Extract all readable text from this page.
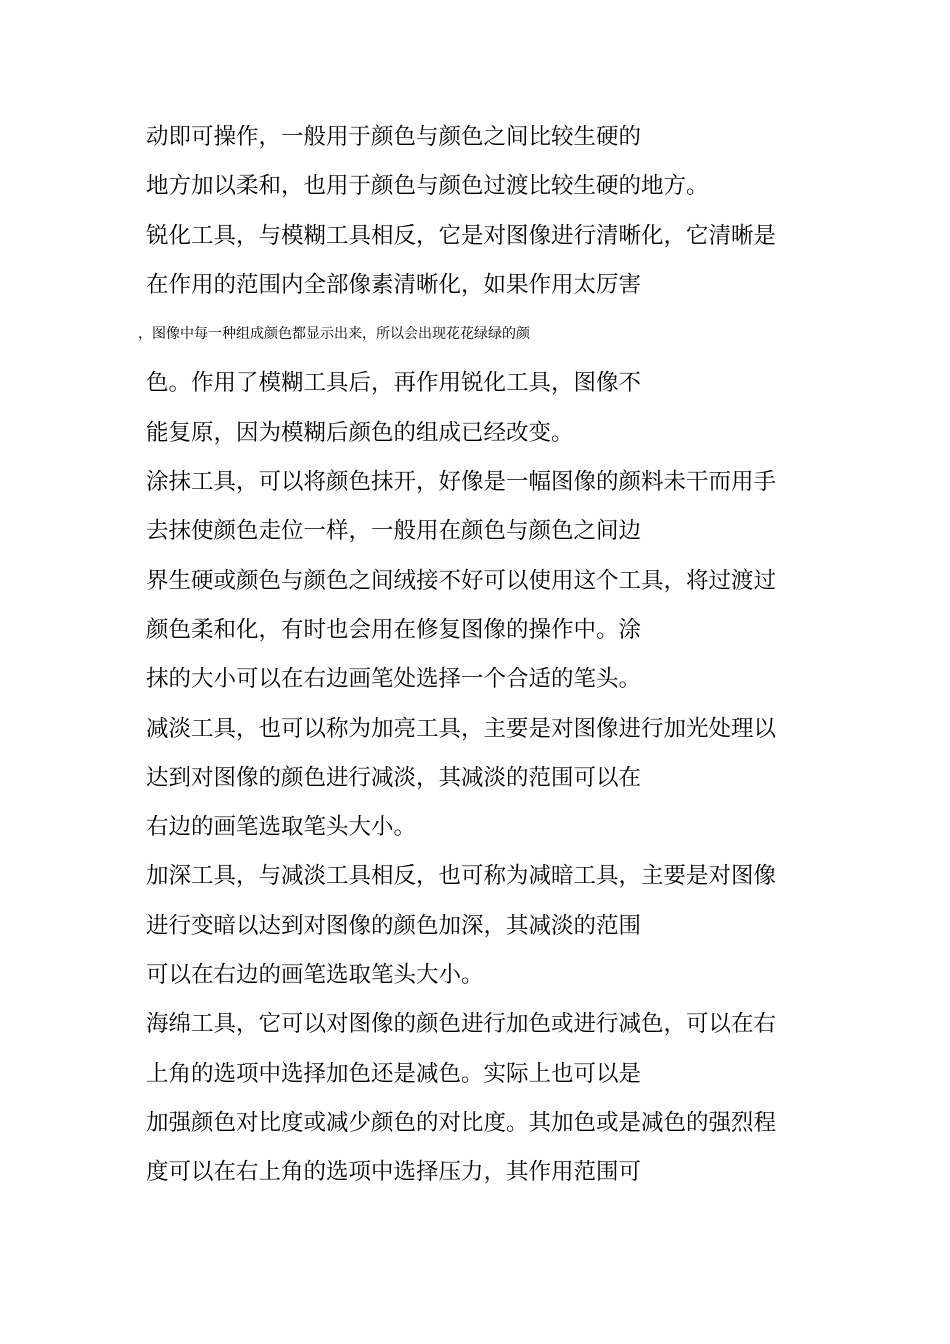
动即可操作，一般用于颜色与颜色之间比较生硬的

地方加以柔和，也用于颜色与颜色过渡比较生硬的地方。

锐化工具，与模糊工具相反，它是对图像进行清晰化，它清晰是

在作用的范围内全部像素清晰化，如果作用太厉害

，图像中每一种组成颜色都显示出来，所以会出现花花绿绿的颜

色。作用了模糊工具后，再作用锐化工具，图像不

能复原，因为模糊后颜色的组成已经改变。

涂抹工具，可以将颜色抹开，好像是一幅图像的颜料未干而用手

去抹使颜色走位一样，一般用在颜色与颜色之间边

界生硬或颜色与颜色之间绒接不好可以使用这个工具，将过渡过

颜色柔和化，有时也会用在修复图像的操作中。涂

抹的大小可以在右边画笔处选择一个合适的笔头。

减淡工具，也可以称为加亮工具，主要是对图像进行加光处理以

达到对图像的颜色进行减淡，其减淡的范围可以在

右边的画笔选取笔头大小。

加深工具，与减淡工具相反，也可称为减暗工具，主要是对图像

进行变暗以达到对图像的颜色加深，其减淡的范围

可以在右边的画笔选取笔头大小。

海绵工具，它可以对图像的颜色进行加色或进行减色，可以在右

上角的选项中选择加色还是减色。实际上也可以是

加强颜色对比度或减少颜色的对比度。其加色或是减色的强烈程

度可以在右上角的选项中选择压力，其作用范围可
